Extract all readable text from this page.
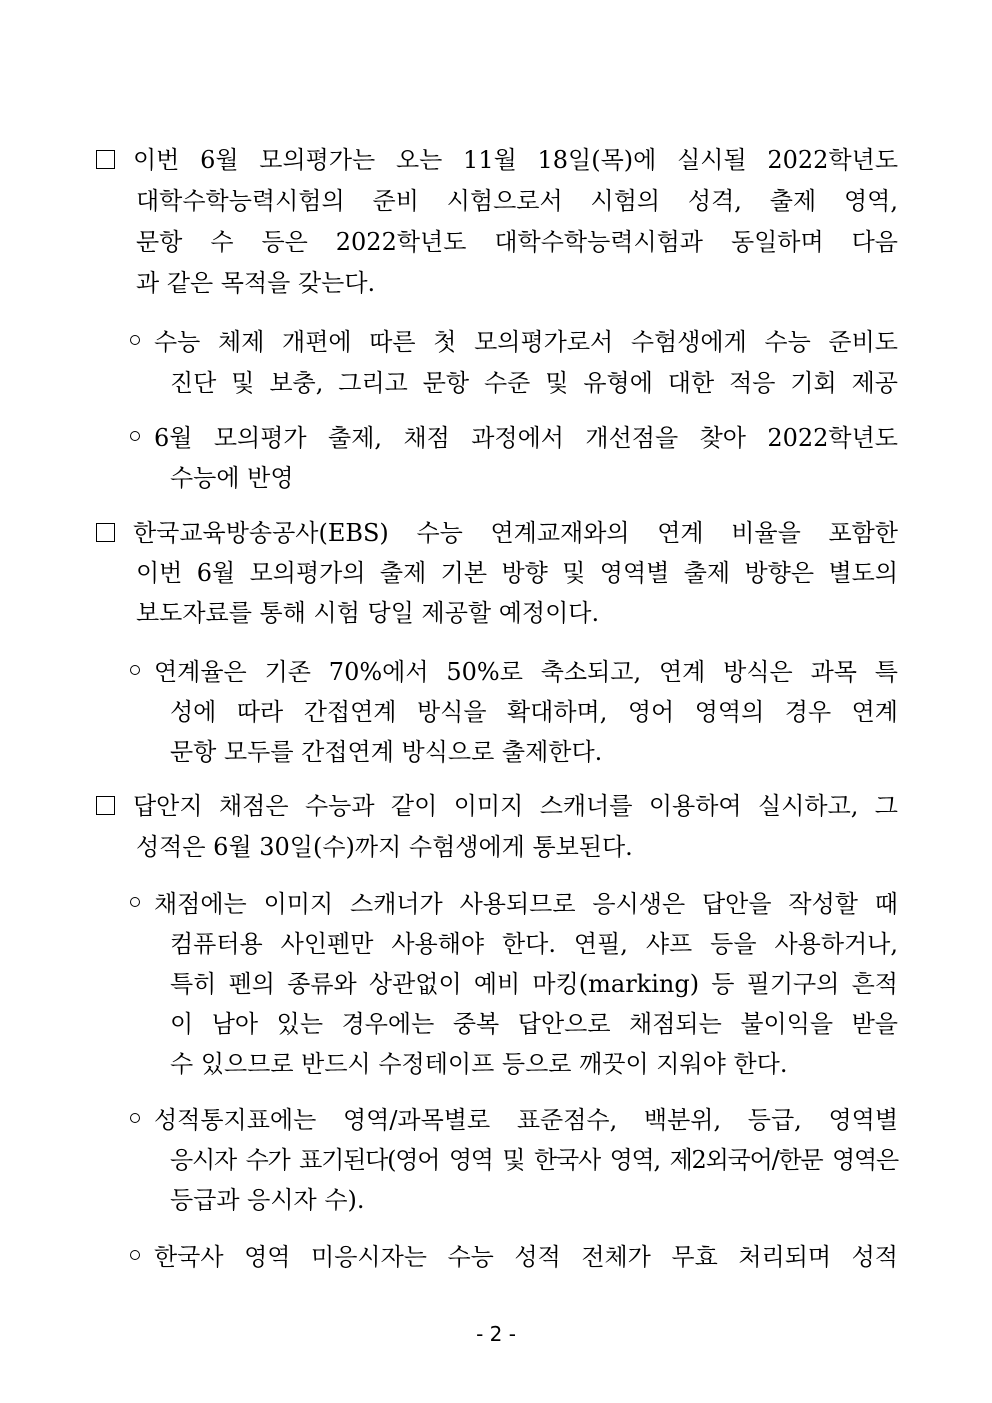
이번 6월 모의평가는 오는 11월 18일(목)에 실시될 2022학년도
대학수학능력시험의 준비 시험으로서 시험의 성격, 출제 영역,
문항 수 등은 2022학년도 대학수학능력시험과 동일하며 다음
과 같은 목적을 갖는다.
수능 체제 개편에 따른 첫 모의평가로서 수험생에게 수능 준비도
진단 및 보충, 그리고 문항 수준 및 유형에 대한 적응 기회 제공
6월 모의평가 출제, 채점 과정에서 개선점을 찾아 2022학년도
수능에 반영
한국교육방송공사(EBS) 수능 연계교재와의 연계 비율을 포함한
이번 6월 모의평가의 출제 기본 방향 및 영역별 출제 방향은 별도의
보도자료를 통해 시험 당일 제공할 예정이다.
연계율은 기존 70%에서 50%로 축소되고, 연계 방식은 과목 특
성에 따라 간접연계 방식을 확대하며, 영어 영역의 경우 연계
문항 모두를 간접연계 방식으로 출제한다.
답안지 채점은 수능과 같이 이미지 스캐너를 이용하여 실시하고, 그
성적은 6월 30일(수)까지 수험생에게 통보된다.
채점에는 이미지 스캐너가 사용되므로 응시생은 답안을 작성할 때
컴퓨터용 사인펜만 사용해야 한다. 연필, 샤프 등을 사용하거나,
특히 펜의 종류와 상관없이 예비 마킹(marking) 등 필기구의 흔적
이 남아 있는 경우에는 중복 답안으로 채점되는 불이익을 받을
수 있으므로 반드시 수정테이프 등으로 깨끗이 지워야 한다.
성적통지표에는 영역/과목별로 표준점수, 백분위, 등급, 영역별
응시자 수가 표기된다(영어 영역 및 한국사 영역, 제2외국어/한문 영역은
등급과 응시자 수).
한국사 영역 미응시자는 수능 성적 전체가 무효 처리되며 성적
- 2 -
